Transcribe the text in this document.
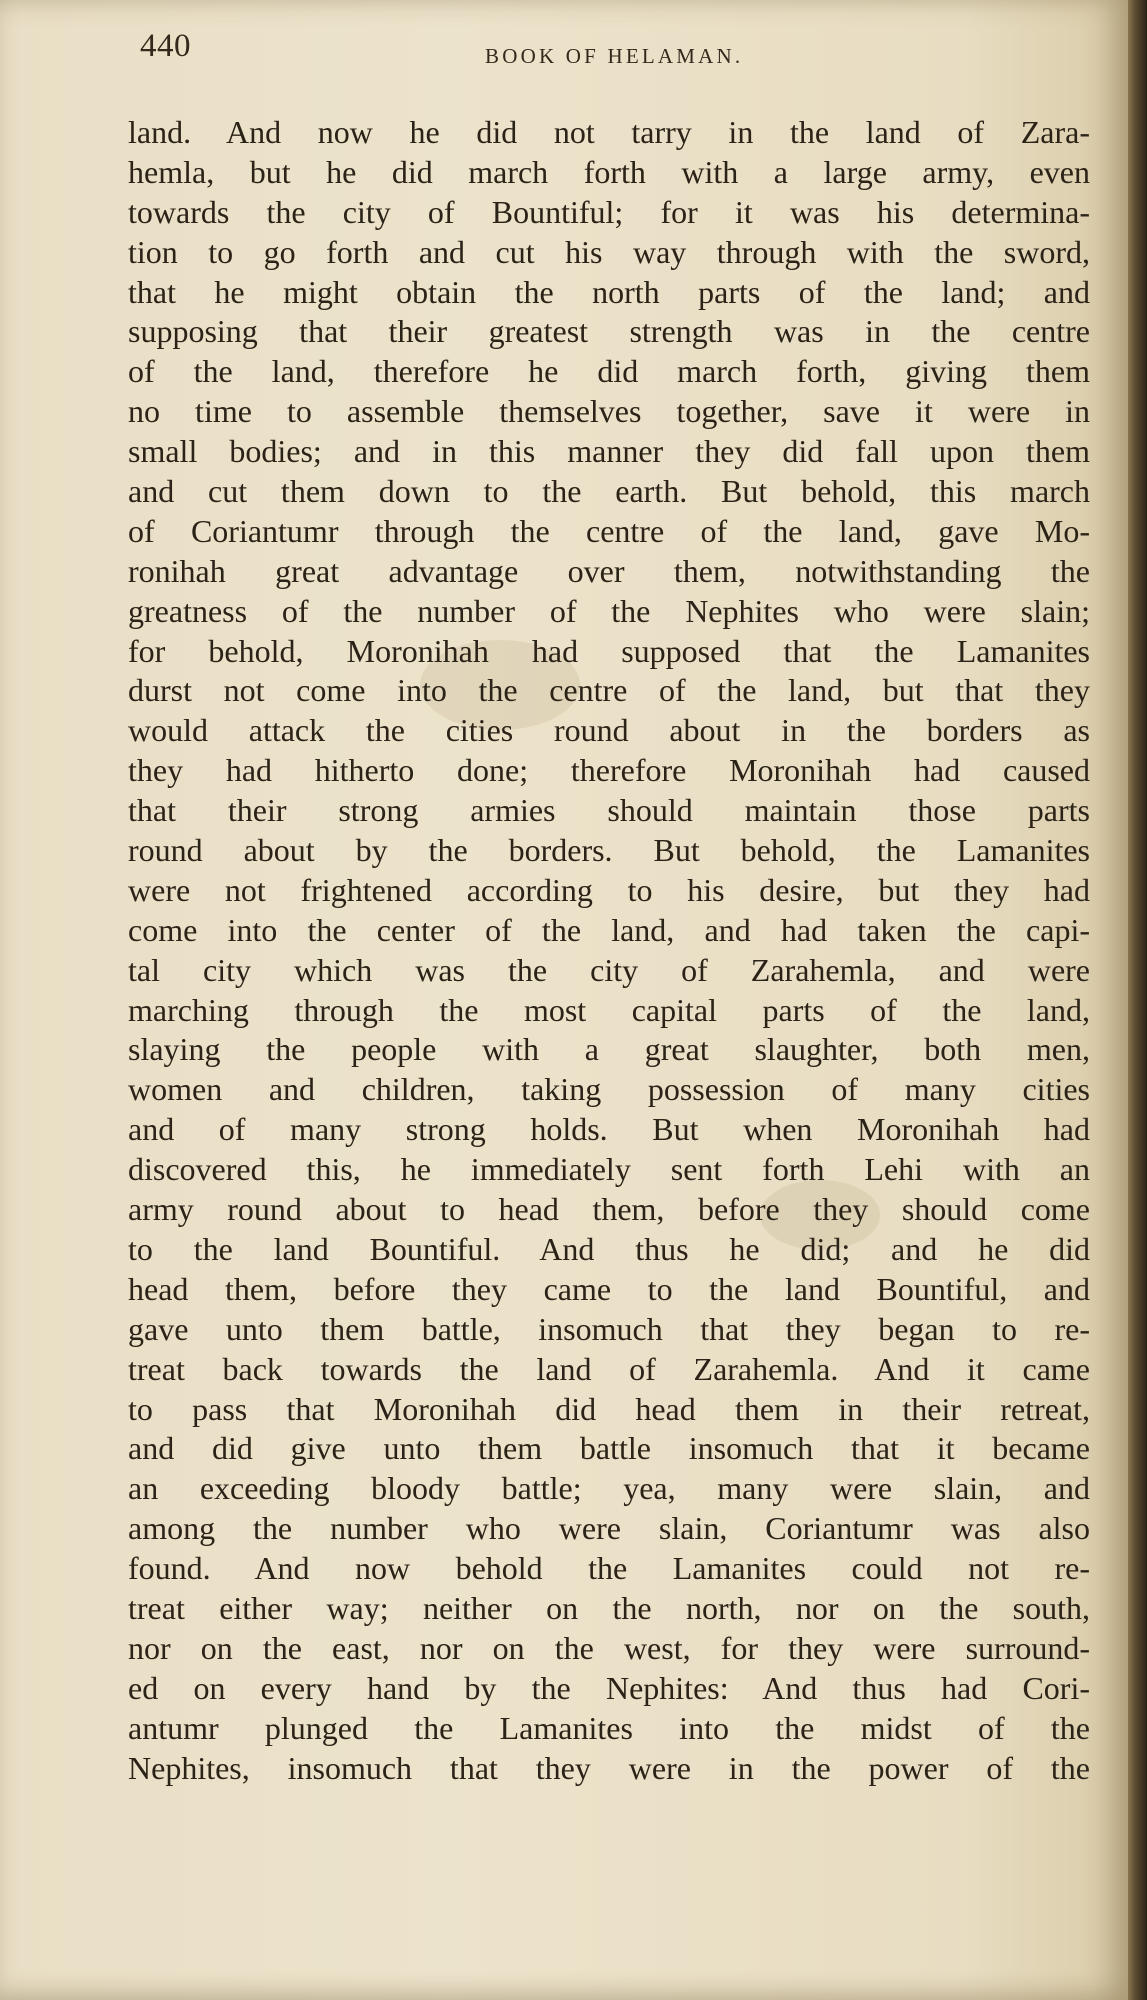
440	BOOK OF HELAMAN.
land. And now he did not tarry in the land of Zara-
hemla, but he did march forth with a large army, even
towards the city of Bountiful; for it was his determina-
tion to go forth and cut his way through with the sword,
that he might obtain the north parts of the land; and
supposing that their greatest strength was in the centre
of the land, therefore he did march forth, giving them
no time to assemble themselves together, save it were in
small bodies; and in this manner they did fall upon them
and cut them down to the earth. But behold, this march
of Coriantumr through the centre of the land, gave Mo-
ronihah great advantage over them, notwithstanding the
greatness of the number of the Nephites who were slain;
for behold, Moronihah had supposed that the Lamanites
durst not come into the centre of the land, but that they
would attack the cities round about in the borders as
they had hitherto done; therefore Moronihah had caused
that their strong armies should maintain those parts
round about by the borders. But behold, the Lamanites
were not frightened according to his desire, but they had
come into the center of the land, and had taken the capi-
tal city which was the city of Zarahemla, and were
marching through the most capital parts of the land,
slaying the people with a great slaughter, both men,
women and children, taking possession of many cities
and of many strong holds. But when Moronihah had
discovered this, he immediately sent forth Lehi with an
army round about to head them, before they should come
to the land Bountiful. And thus he did; and he did
head them, before they came to the land Bountiful, and
gave unto them battle, insomuch that they began to re-
treat back towards the land of Zarahemla. And it came
to pass that Moronihah did head them in their retreat,
and did give unto them battle insomuch that it became
an exceeding bloody battle; yea, many were slain, and
among the number who were slain, Coriantumr was also
found. And now behold the Lamanites could not re-
treat either way; neither on the north, nor on the south,
nor on the east, nor on the west, for they were surround-
ed on every hand by the Nephites: And thus had Cori-
antumr plunged the Lamanites into the midst of the
Nephites, insomuch that they were in the power of the
